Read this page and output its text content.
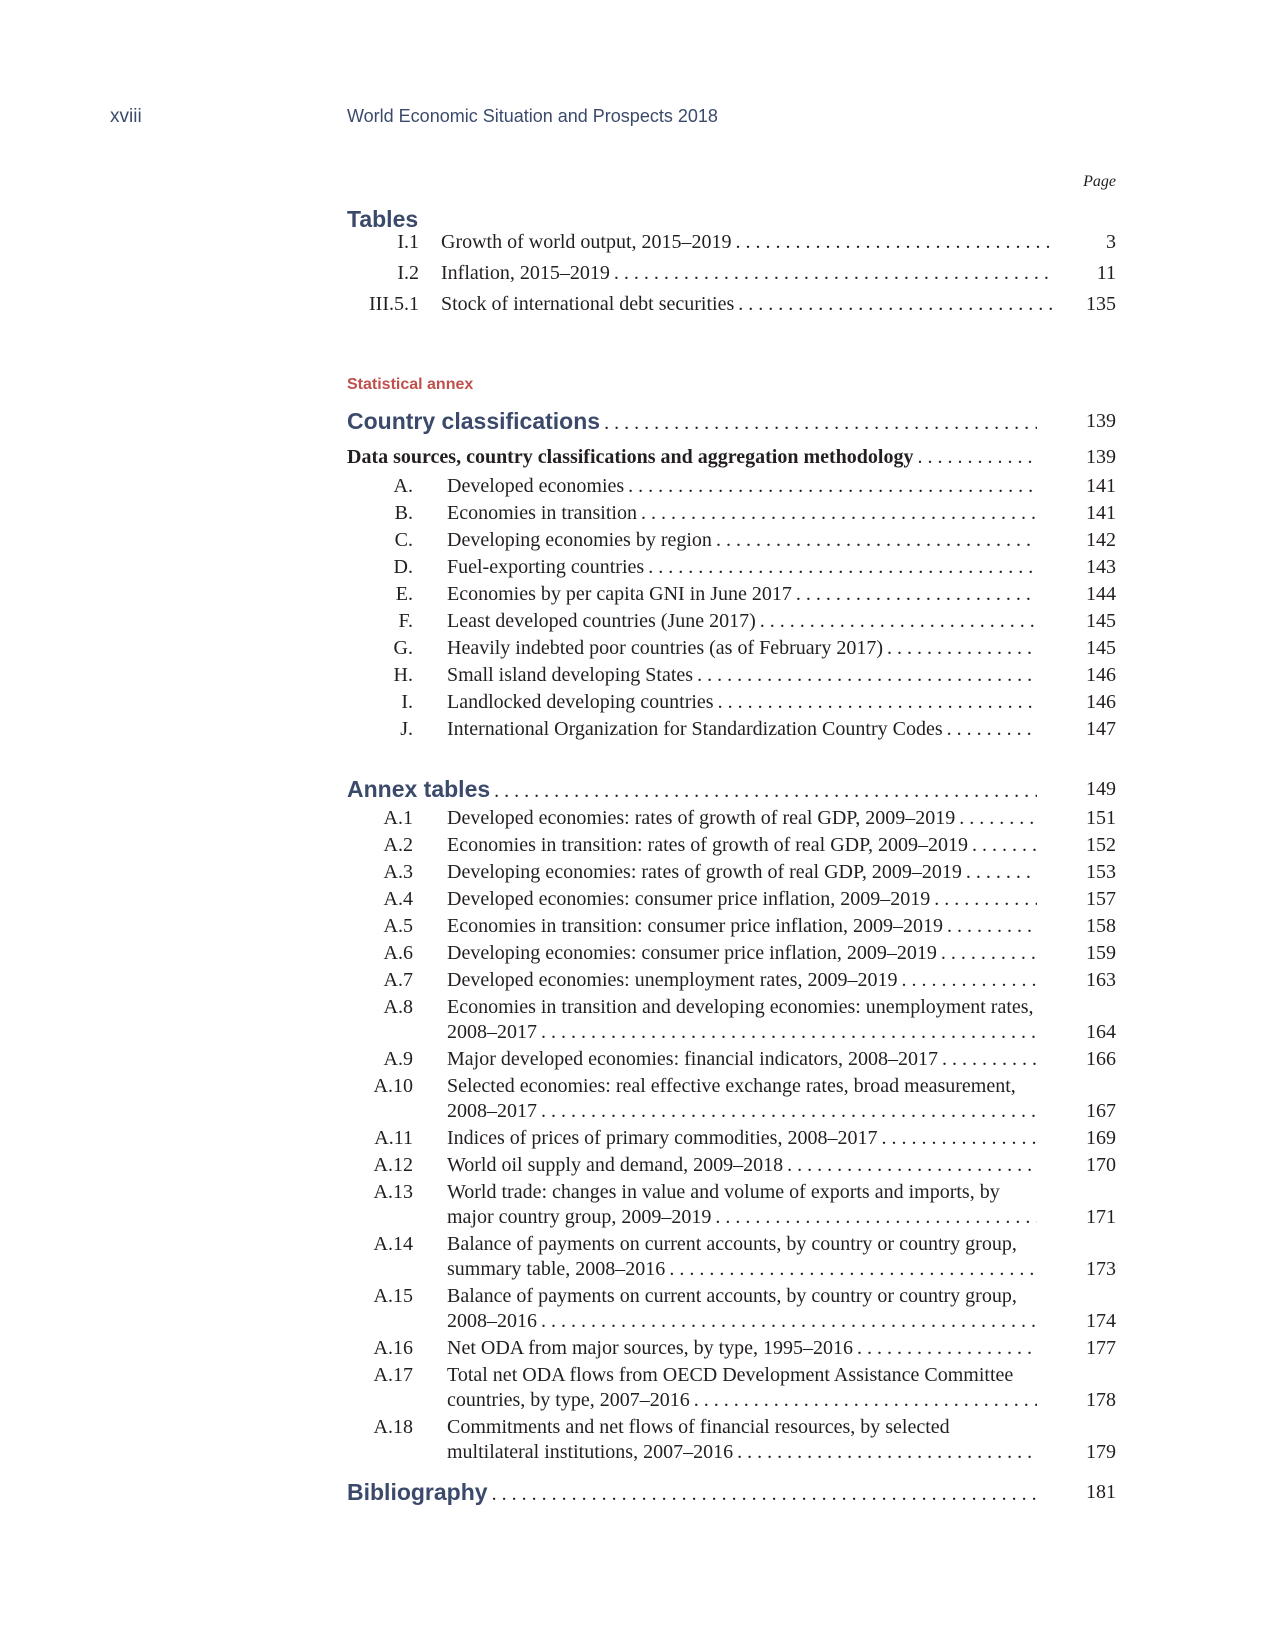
xviii	World Economic Situation and Prospects 2018
Page
Tables
I.1 Growth of world output, 2015–2019 . . .	3
I.2 Inflation, 2015–2019 . . .	11
III.5.1 Stock of international debt securities . . .	135
Statistical annex
Country classifications . . .	139
Data sources, country classifications and aggregation methodology . . .	139
A. Developed economies . . .	141
B. Economies in transition . . .	141
C. Developing economies by region . . .	142
D. Fuel-exporting countries . . .	143
E. Economies by per capita GNI in June 2017 . . .	144
F. Least developed countries (June 2017) . . .	145
G. Heavily indebted poor countries (as of February 2017) . . .	145
H. Small island developing States . . .	146
I. Landlocked developing countries . . .	146
J. International Organization for Standardization Country Codes . . .	147
Annex tables . . .	149
A.1 Developed economies: rates of growth of real GDP, 2009–2019 . . .	151
A.2 Economies in transition: rates of growth of real GDP, 2009–2019 . . .	152
A.3 Developing economies: rates of growth of real GDP, 2009–2019 . . .	153
A.4 Developed economies: consumer price inflation, 2009–2019 . . .	157
A.5 Economies in transition: consumer price inflation, 2009–2019 . . .	158
A.6 Developing economies: consumer price inflation, 2009–2019 . . .	159
A.7 Developed economies: unemployment rates, 2009–2019 . . .	163
A.8 Economies in transition and developing economies: unemployment rates,
2008–2017 . . .	164
A.9 Major developed economies: financial indicators, 2008–2017 . . .	166
A.10 Selected economies: real effective exchange rates, broad measurement,
2008–2017 . . .	167
A.11 Indices of prices of primary commodities, 2008–2017 . . .	169
A.12 World oil supply and demand, 2009–2018 . . .	170
A.13 World trade: changes in value and volume of exports and imports, by
major country group, 2009–2019 . . .	171
A.14 Balance of payments on current accounts, by country or country group,
summary table, 2008–2016 . . .	173
A.15 Balance of payments on current accounts, by country or country group,
2008–2016 . . .	174
A.16 Net ODA from major sources, by type, 1995–2016 . . .	177
A.17 Total net ODA flows from OECD Development Assistance Committee
countries, by type, 2007–2016 . . .	178
A.18 Commitments and net flows of financial resources, by selected
multilateral institutions, 2007–2016 . . .	179
Bibliography . . .	181
